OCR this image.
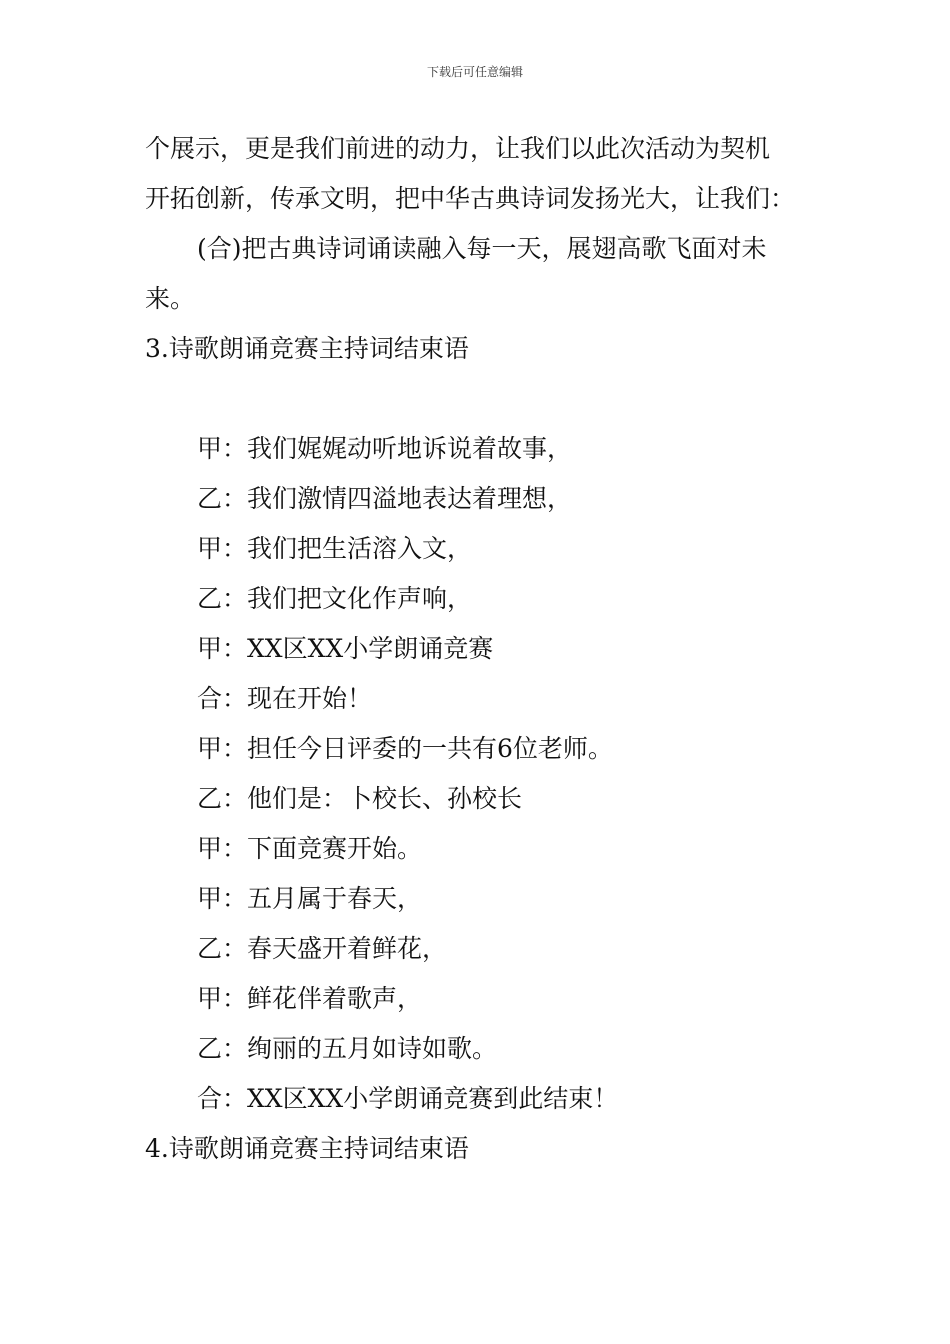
下载后可任意编辑
个展示，更是我们前进的动力，让我们以此次活动为契机
开拓创新，传承文明，把中华古典诗词发扬光大，让我们：
(合)把古典诗词诵读融入每一天，展翅高歌飞面对未
来。
3.诗歌朗诵竞赛主持词结束语
甲：我们娓娓动听地诉说着故事，
乙：我们激情四溢地表达着理想，
甲：我们把生活溶入文，
乙：我们把文化作声响，
甲：XX区XX小学朗诵竞赛
合：现在开始！
甲：担任今日评委的一共有6位老师。
乙：他们是：卜校长、孙校长
甲：下面竞赛开始。
甲：五月属于春天，
乙：春天盛开着鲜花，
甲：鲜花伴着歌声，
乙：绚丽的五月如诗如歌。
合：XX区XX小学朗诵竞赛到此结束！
4.诗歌朗诵竞赛主持词结束语
